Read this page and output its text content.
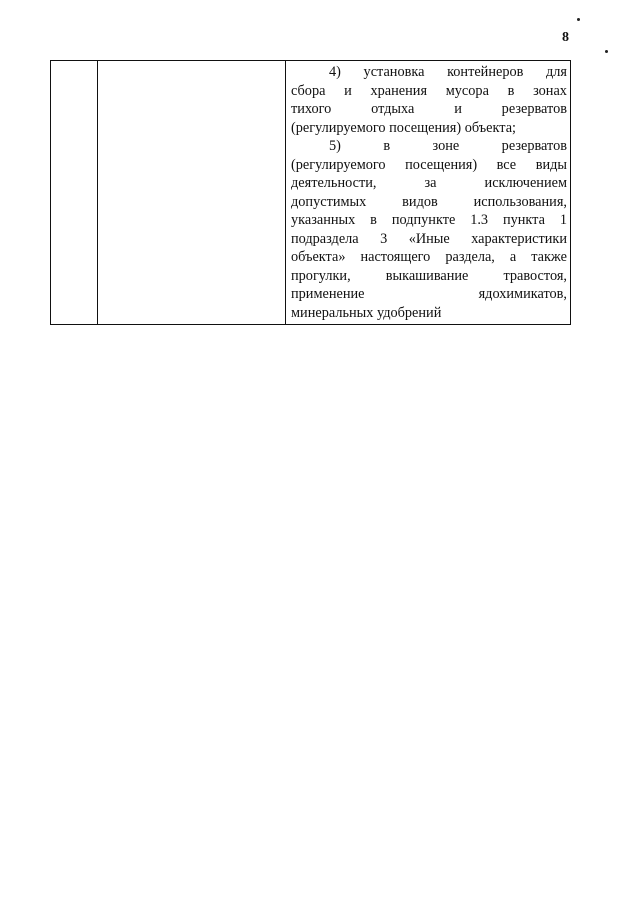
8

4) установка контейнеров для
сбора и хранения мусора в зонах
тихого	отдыха	и	резерватов
(регулируемого посещения) объекта;
5)	в	зоне	резерватов
(регулируемого посещения) все виды
деятельности,	за	исключением
допустимых	видов	использования,
указанных в подпункте 1.3 пункта 1
подраздела 3 «Иные характеристики
объекта» настоящего раздела, а также
прогулки, выкашивание травостоя,
применение	ядохимикатов,
минеральных удобрений
